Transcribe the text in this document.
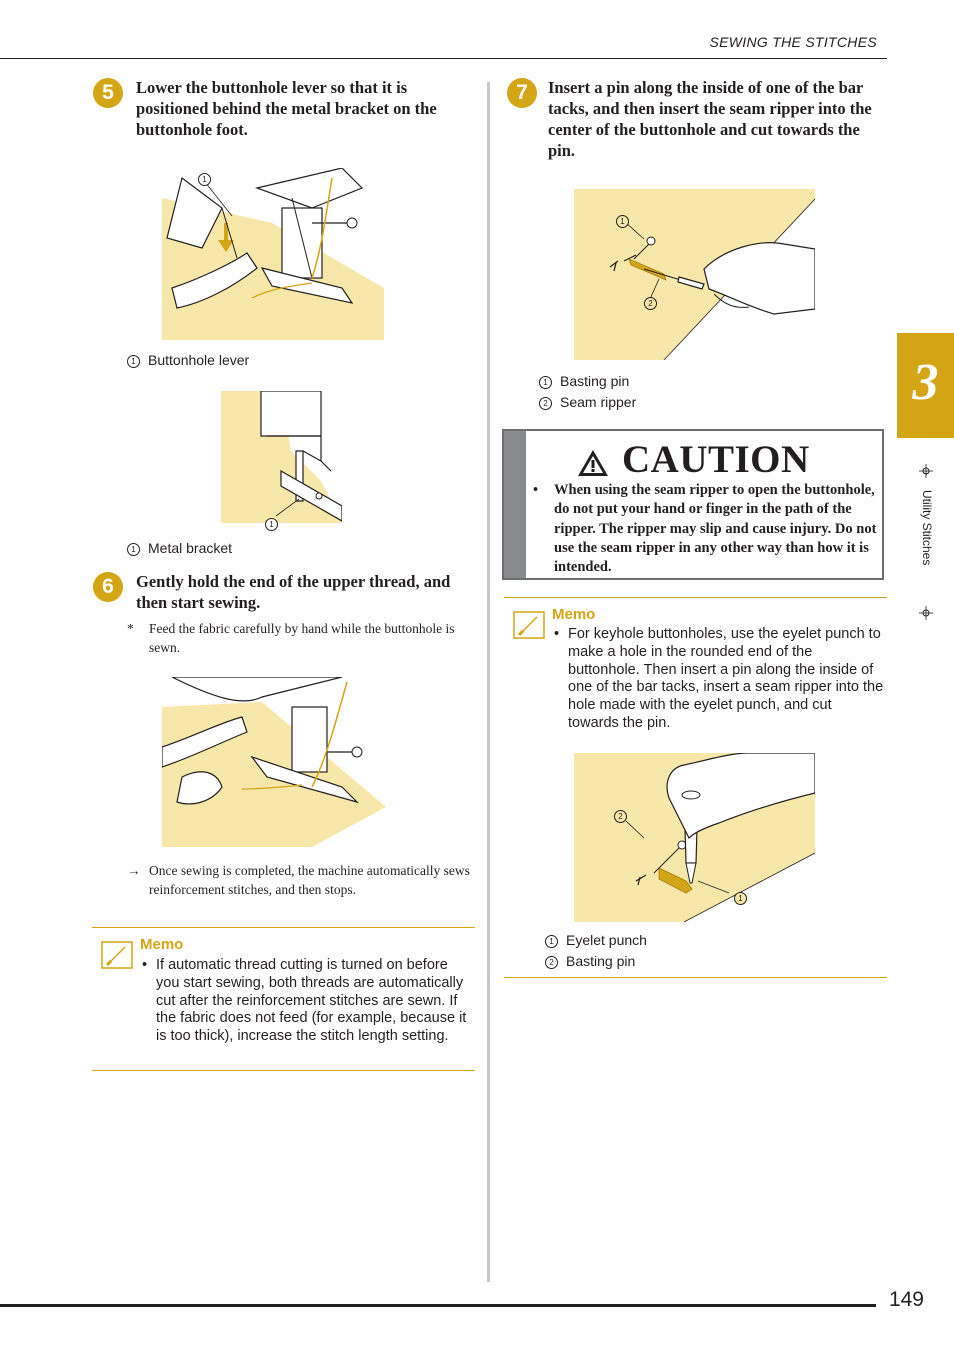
SEWING THE STITCHES
5	Lower the buttonhole lever so that it is positioned behind the metal bracket on the buttonhole foot.
1
1 Buttonhole lever
1
1 Metal bracket
6	Gently hold the end of the upper thread, and then start sewing.
* Feed the fabric carefully by hand while the buttonhole is sewn.
→ Once sewing is completed, the machine automatically sews reinforcement stitches, and then stops.
Memo
• If automatic thread cutting is turned on before you start sewing, both threads are automatically cut after the reinforcement stitches are sewn. If the fabric does not feed (for example, because it is too thick), increase the stitch length setting.
7	Insert a pin along the inside of one of the bar tacks, and then insert the seam ripper into the center of the buttonhole and cut towards the pin.
1
2
1 Basting pin
2 Seam ripper
CAUTION
• When using the seam ripper to open the buttonhole, do not put your hand or finger in the path of the ripper. The ripper may slip and cause injury. Do not use the seam ripper in any other way than how it is intended.
Memo
• For keyhole buttonholes, use the eyelet punch to make a hole in the rounded end of the buttonhole. Then insert a pin along the inside of one of the bar tacks, insert a seam ripper into the hole made with the eyelet punch, and cut towards the pin.
2
1
1 Eyelet punch
2 Basting pin
3
Utility Stitches
149
